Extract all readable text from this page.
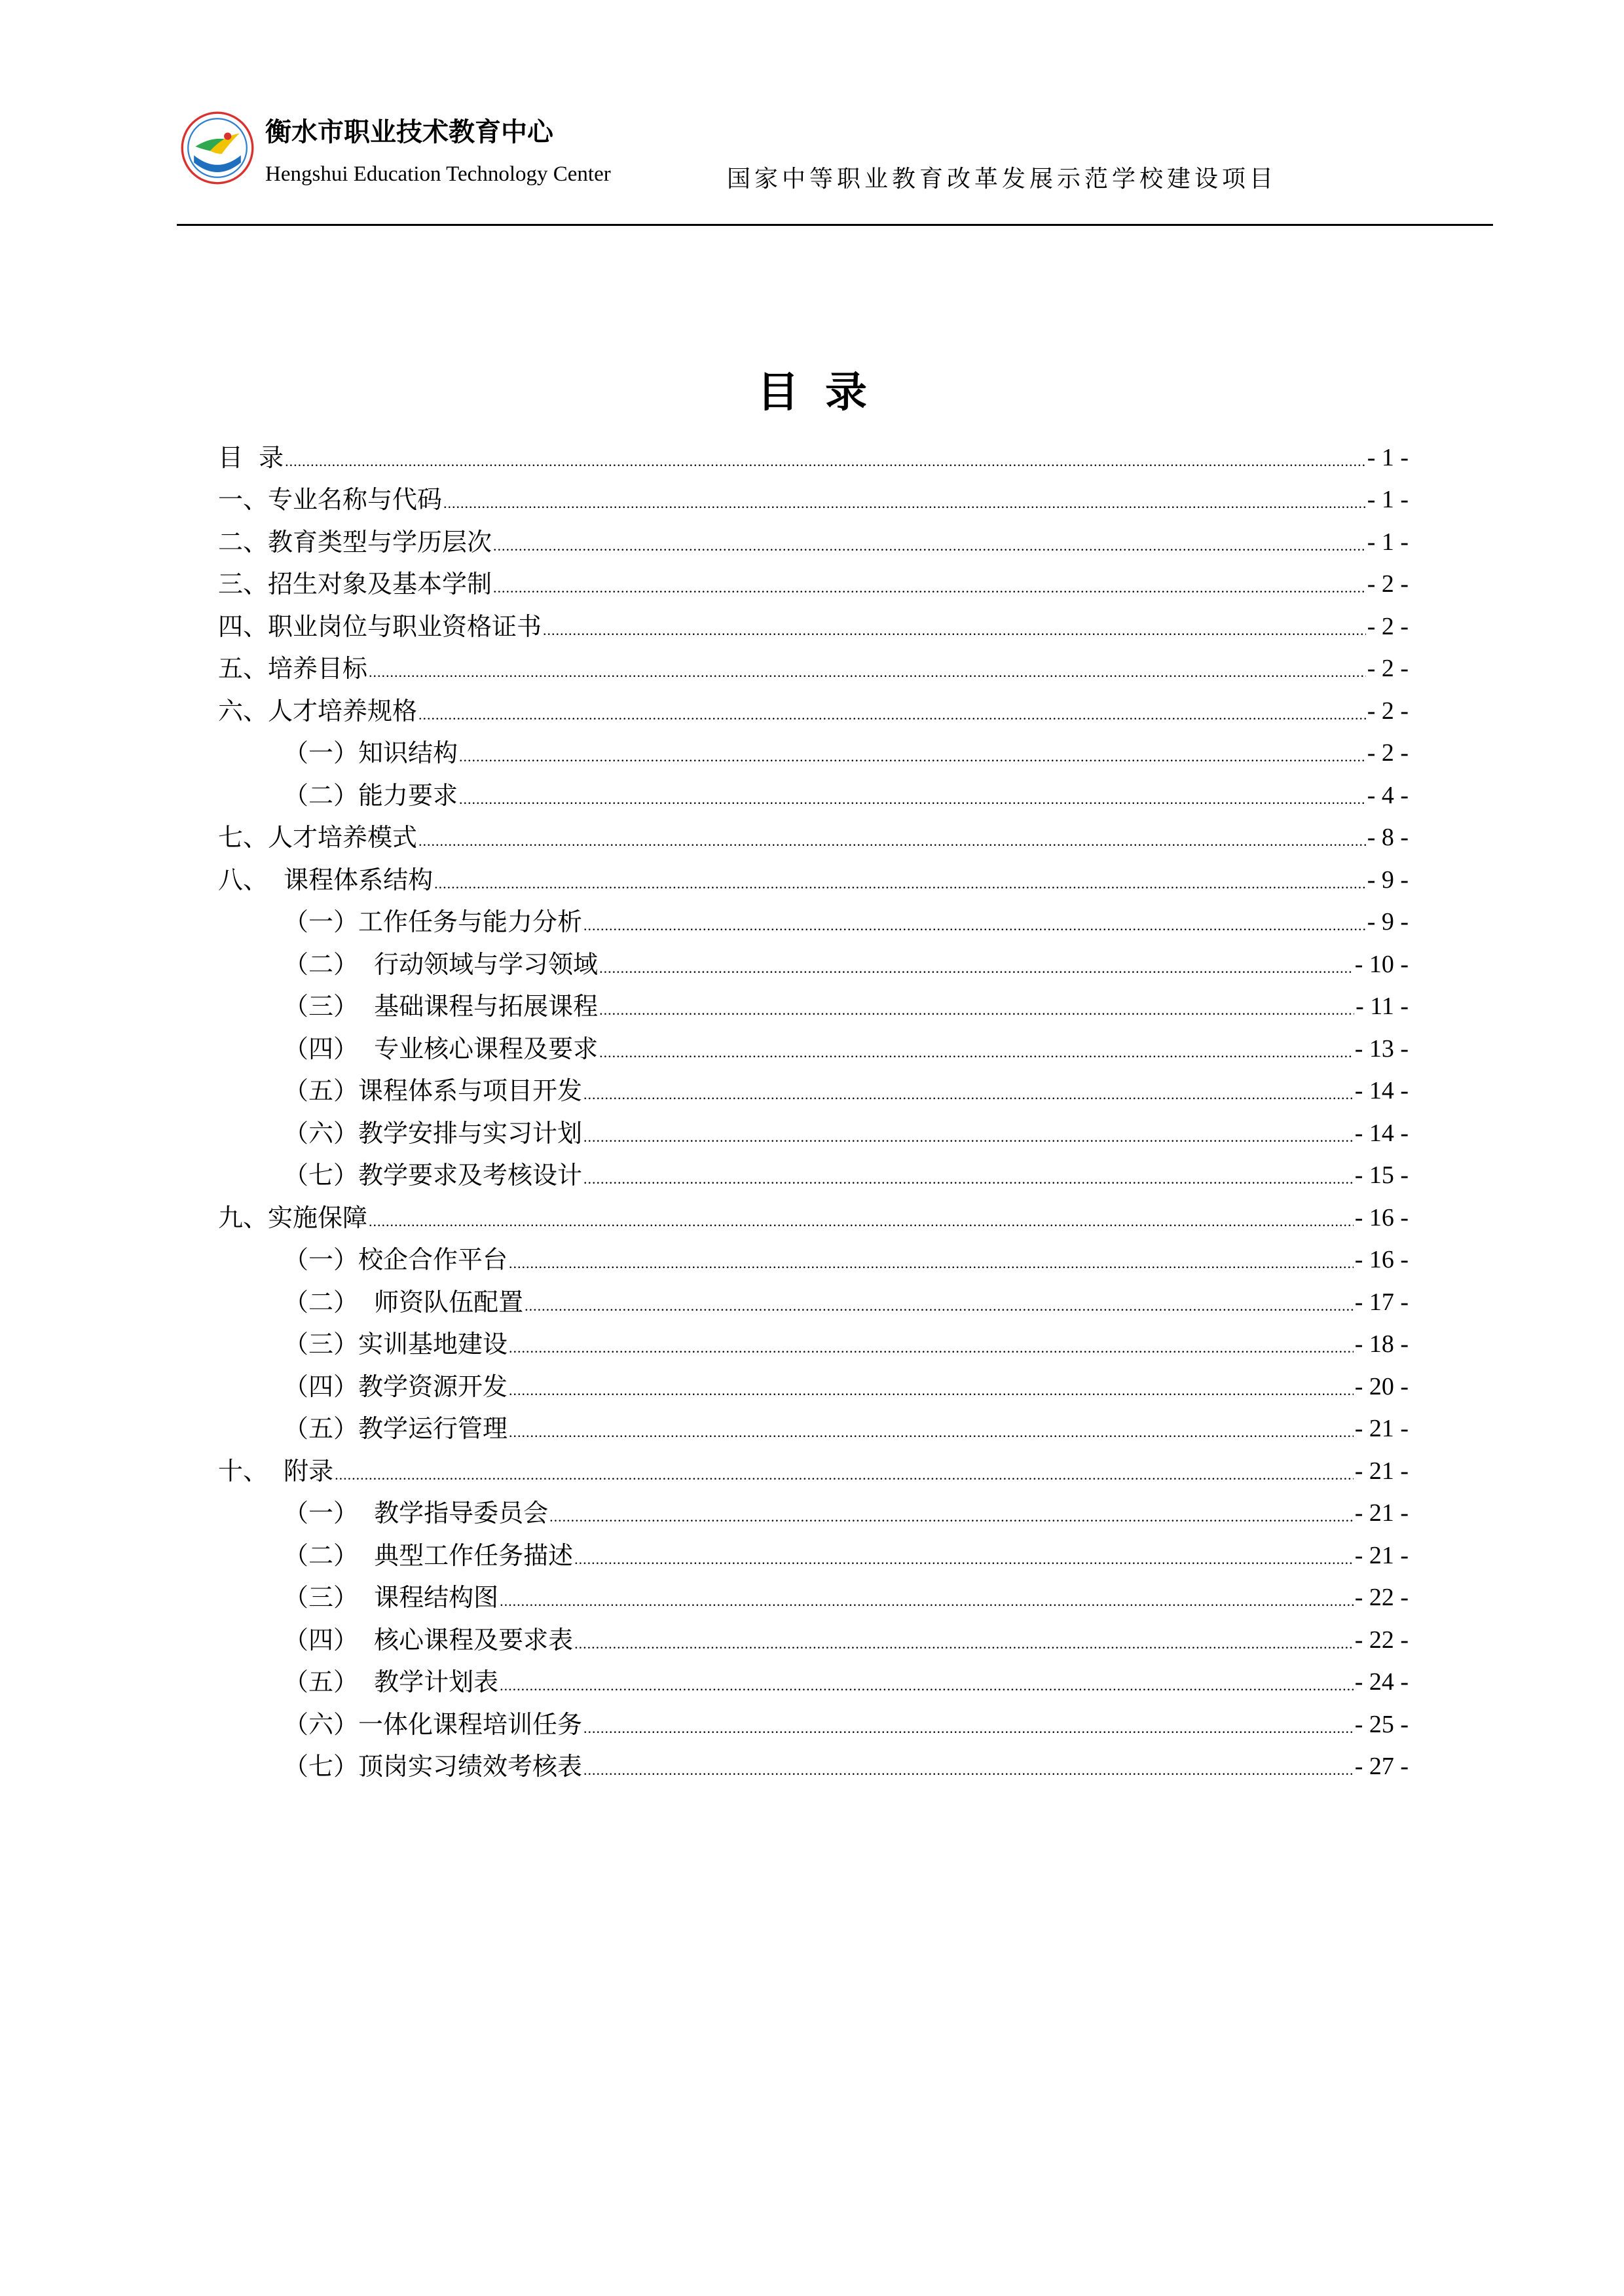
衡水市职业技术教育中心
Hengshui Education Technology Center	国家中等职业教育改革发展示范学校建设项目
目录
目  录 .....	- 1 -
一、专业名称与代码 .....	- 1 -
二、教育类型与学历层次 .....	- 1 -
三、招生对象及基本学制 .....	- 2 -
四、职业岗位与职业资格证书 .....	- 2 -
五、培养目标 .....	- 2 -
六、人才培养规格 .....	- 2 -
（一）知识结构 .....	- 2 -
（二）能力要求 .....	- 4 -
七、人才培养模式 .....	- 8 -
八、  课程体系结构 .....	- 9 -
（一）工作任务与能力分析 .....	- 9 -
（二）  行动领域与学习领域 .....	- 10 -
（三）  基础课程与拓展课程 .....	- 11 -
（四）  专业核心课程及要求 .....	- 13 -
（五）课程体系与项目开发 .....	- 14 -
（六）教学安排与实习计划 .....	- 14 -
（七）教学要求及考核设计 .....	- 15 -
九、实施保障 .....	- 16 -
（一）校企合作平台 .....	- 16 -
（二）  师资队伍配置 .....	- 17 -
（三）实训基地建设 .....	- 18 -
（四）教学资源开发 .....	- 20 -
（五）教学运行管理 .....	- 21 -
十、  附录 .....	- 21 -
（一）  教学指导委员会 .....	- 21 -
（二）  典型工作任务描述 .....	- 21 -
（三）  课程结构图 .....	- 22 -
（四）  核心课程及要求表 .....	- 22 -
（五）  教学计划表 .....	- 24 -
（六）一体化课程培训任务 .....	- 25 -
（七）顶岗实习绩效考核表 .....	- 27 -
